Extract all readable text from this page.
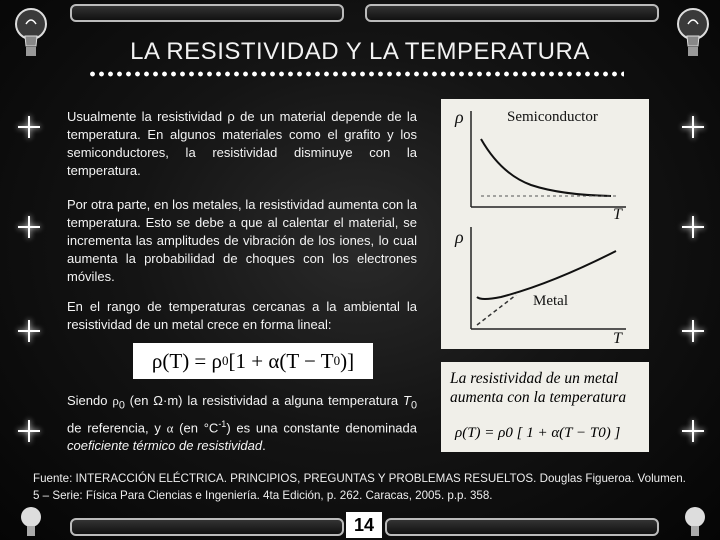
LA RESISTIVIDAD Y LA TEMPERATURA
Usualmente la resistividad ρ de un material depende de la temperatura. En algunos materiales como el grafito y los semiconductores, la resistividad disminuye con la temperatura.
Por otra parte, en los metales, la resistividad aumenta con la temperatura. Esto se debe a que al calentar el material, se incrementa las amplitudes de vibración de los iones, lo cual aumenta la probabilidad de choques con los electrones móviles.
En el rango de temperaturas cercanas a la ambiental la resistividad de un metal crece en forma lineal:
ρ(T) = ρ 0 [1 + α(T − T 0 )]
Siendo $\rho_0$ (en Ω·m) la resistividad a alguna temperatura $T_0$ de referencia, y α (en $^\circ C^{-1}$) es una constante denominada coeficiente térmico de resistividad.
ρ	Semiconductor
T
ρ
Metal
T
La resistividad de un metal
aumenta con la temperatura
ρ(T) = ρ0 [ 1 + α(T − T0) ]
Fuente: INTERACCIÓN ELÉCTRICA. PRINCIPIOS, PREGUNTAS Y PROBLEMAS RESUELTOS. Douglas Figueroa. Volumen. 5 – Serie: Física Para Ciencias e Ingeniería. 4ta Edición, p. 262. Caracas, 2005. p.p. 358.
14
